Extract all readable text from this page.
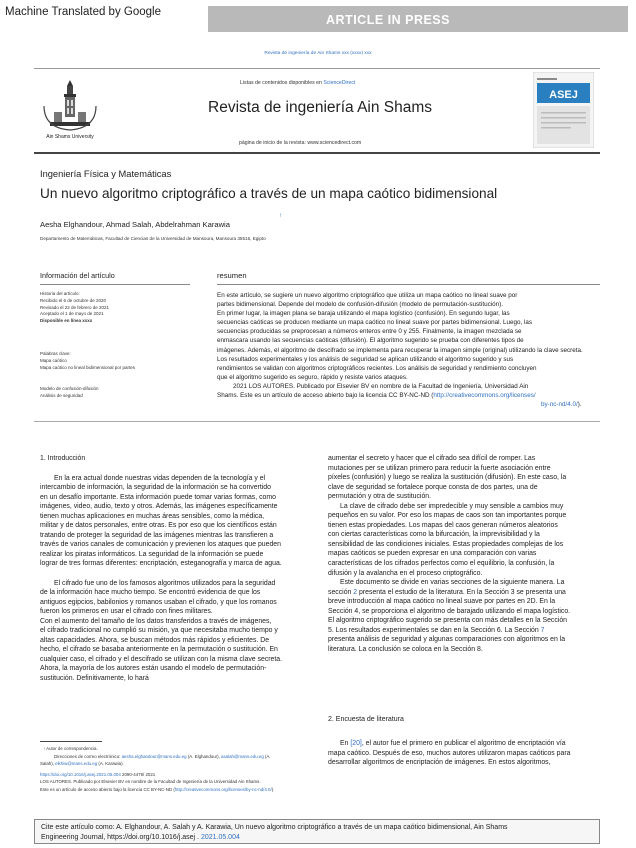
Machine Translated by Google
ARTICLE IN PRESS
Revista de ingeniería de Ain Shams xxx (xxxx) xxx
Ain Shams University
Listas de contenidos disponibles en ScienceDirect
Revista de ingeniería Ain Shams
página de inicio de la revista: www.sciencedirect.com
ASEJ
Ingeniería Física y Matemáticas
Un nuevo algoritmo criptográfico a través de un mapa caótico bidimensional
Aesha Elghandour, Ahmad Salah, Abdelrahman Karawia
↑
Departamento de Matemáticas, Facultad de Ciencias de la Universidad de Mansoura, Mansoura 35516, Egipto
Información del artículo	resumen
Historia del artículo:
Recibido el 6 de octubre de 2020
Revisado el 22 de febrero de 2021
Aceptado el 1 de mayo de 2021
Disponible en línea xxxx
Palabras clave:
Mapa caótico
Mapa caótico no lineal bidimensional por partes
Modelo de confusión-difusión
Análisis de seguridad
En este artículo, se sugiere un nuevo algoritmo criptográfico que utiliza un mapa caótico no lineal suave por
partes bidimensional. Depende del modelo de confusión-difusión (modelo de permutación-sustitución).
En primer lugar, la imagen plana se baraja utilizando el mapa logístico (confusión). En segundo lugar, las
secuencias caóticas se producen mediante un mapa caótico no lineal suave por partes bidimensional. Luego, las
secuencias producidas se preprocesan a números enteros entre 0 y 255. Finalmente, la imagen mezclada se
enmascara usando las secuencias caóticas (difusión). El algoritmo sugerido se prueba con diferentes tipos de
imágenes. Además, el algoritmo de descifrado se implementa para recuperar la imagen simple (original) utilizando la clave secreta.
Los resultados experimentales y los análisis de seguridad se aplican utilizando el algoritmo sugerido y sus
rendimientos se validan con algoritmos criptográficos recientes. Los análisis de seguridad y rendimiento concluyen
que el algoritmo sugerido es seguro, rápido y resiste varios ataques.
2021 LOS AUTORES. Publicado por Elsevier BV en nombre de la Facultad de Ingeniería, Universidad Ain
Shams. Este es un artículo de acceso abierto bajo la licencia CC BY-NC-ND (http://creativecommons.org/licenses/
by-nc-nd/4.0/).
1. Introducción

En la era actual donde nuestras vidas dependen de la tecnología y el

intercambio de información, la seguridad de la información se ha convertido

en un desafío importante. Esta información puede tomar varias formas, como

imágenes, video, audio, texto y otros. Además, las imágenes específicamente

tienen muchas aplicaciones en muchas áreas sensibles, como la médica,

militar y de datos personales, entre otras. Es por eso que los científicos están

tratando de proteger la seguridad de las imágenes mientras las transfieren a

través de varios canales de comunicación y previenen los ataques que pueden

realizar los piratas informáticos. La seguridad de la información se puede

lograr de tres formas diferentes: encriptación, esteganografía y marca de agua.

El cifrado fue uno de los famosos algoritmos utilizados para la seguridad

de la información hace mucho tiempo. Se encontró evidencia de que los

antiguos egipcios, babilonios y romanos usaban el cifrado, y que los romanos

fueron los primeros en usar el cifrado con fines militares.

Con el aumento del tamaño de los datos transferidos a través de imágenes,

el cifrado tradicional no cumplió su misión, ya que necesitaba mucho tiempo y

altas capacidades. Ahora, se buscan métodos más rápidos y eficientes. De

hecho, el cifrado se basaba anteriormente en la permutación o sustitución. En

cualquier caso, el cifrado y el descifrado se utilizan con la misma clave secreta.

Ahora, la mayoría de los autores están usando el modelo de permutación-

sustitución. Definitivamente, lo hará

aumentar el secreto y hacer que el cifrado sea difícil de romper. Las

mutaciones per se utilizan primero para reducir la fuerte asociación entre

píxeles (confusión) y luego se realiza la sustitución (difusión). En este caso, la

clave de seguridad se fortalece porque consta de dos partes, una de

permutación y otra de sustitución.

La clave de cifrado debe ser impredecible y muy sensible a cambios muy

pequeños en su valor. Por eso los mapas de caos son tan importantes porque

tienen estas propiedades. Los mapas del caos generan números aleatorios

con ciertas características como la bifurcación, la imprevisibilidad y la

sensibilidad de las condiciones iniciales. Estas propiedades complejas de los

mapas caóticos se pueden expresar en una comparación con varias

características de los cifrados perfectos como el equilibrio, la confusión, la

difusión y la avalancha en el proceso criptográfico.

Este documento se divide en varias secciones de la siguiente manera. La

sección 2 presenta el estudio de la literatura. En la Sección 3 se presenta una

breve introducción al mapa caótico no lineal suave por partes en 2D. En la

Sección 4, se proporciona el algoritmo de barajado utilizando el mapa logístico.

El algoritmo criptográfico sugerido se presenta con más detalles en la Sección

5. Los resultados experimentales se dan en la Sección 6. La Sección 7

presenta análisis de seguridad y algunas comparaciones con algoritmos en la

literatura. La conclusión se coloca en la Sección 8.

2. Encuesta de literatura

En [20], el autor fue el primero en publicar el algoritmo de encriptación vía

mapa caótico. Después de eso, muchos autores utilizaron mapas caóticos para

desarrollar algoritmos de encriptación de imágenes. En estos algoritmos,

↑ Autor de correspondencia.
Direcciones de correo electrónico: aesha.elghandour@mans.edu.eg (A. Elghandour), asalah@mans.edu.eg (A.
Salah), elkhiw@mans.edu.eg (A. Karawia).
https://doi.org/10.1016/j.asej.2021.05.004 2090-4479/ 2021
LOS AUTORES. Publicado por Elsevier BV en nombre de la Facultad de Ingeniería de la Universidad Ain Shams.
Este es un artículo de acceso abierto bajo la licencia CC BY-NC-ND (http://creativecommons.org/licenses/by-nc-nd/4.0/).
Cite este artículo como: A. Elghandour, A. Salah y A. Karawia, Un nuevo algoritmo criptográfico a través de un mapa caótico bidimensional, Ain Shams
Engineering Journal, https://doi.org/10.1016/j.asej . 2021.05.004
